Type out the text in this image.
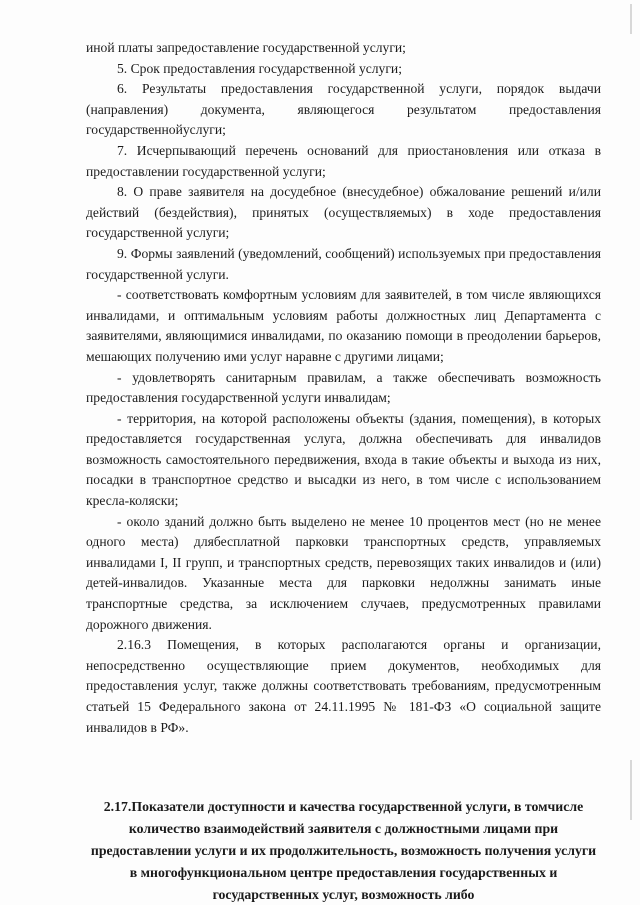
иной платы запредоставление государственной услуги;

5. Срок предоставления государственной услуги;

6. Результаты предоставления государственной услуги, порядок выдачи (направления) документа, являющегося результатом предоставления государственнойуслуги;

7. Исчерпывающий перечень оснований для приостановления или отказа в предоставлении государственной услуги;

8. О праве заявителя на досудебное (внесудебное) обжалование решений и/или действий (бездействия), принятых (осуществляемых) в ходе предоставления государственной услуги;

9. Формы заявлений (уведомлений, сообщений) используемых при предоставления государственной услуги.

- соответствовать комфортным условиям для заявителей, в том числе являющихся инвалидами, и оптимальным условиям работы должностных лиц Департамента с заявителями, являющимися инвалидами, по оказанию помощи в преодолении барьеров, мешающих получению ими услуг наравне с другими лицами;

- удовлетворять санитарным правилам, а также обеспечивать возможность предоставления государственной услуги инвалидам;

- территория, на которой расположены объекты (здания, помещения), в которых предоставляется государственная услуга, должна обеспечивать для инвалидов возможность самостоятельного передвижения, входа в такие объекты и выхода из них, посадки в транспортное средство и высадки из него, в том числе с использованием кресла-коляски;

- около зданий должно быть выделено не менее 10 процентов мест (но не менее одного места) длябесплатной парковки транспортных средств, управляемых инвалидами I, II групп, и транспортных средств, перевозящих таких инвалидов и (или) детей-инвалидов. Указанные места для парковки недолжны занимать иные транспортные средства, за исключением случаев, предусмотренных правилами дорожного движения.

2.16.3 Помещения, в которых располагаются органы и организации, непосредственно осуществляющие прием документов, необходимых для предоставления услуг, также должны соответствовать требованиям, предусмотренным статьей 15 Федерального закона от 24.11.1995 № 181-ФЗ «О социальной защите инвалидов в РФ».

2.17.Показатели доступности и качества государственной услуги, в томчисле количество взаимодействий заявителя с должностными лицами при предоставлении услуги и их продолжительность, возможность получения услуги в многофункциональном центре предоставления государственных и государственных услуг, возможность либо
